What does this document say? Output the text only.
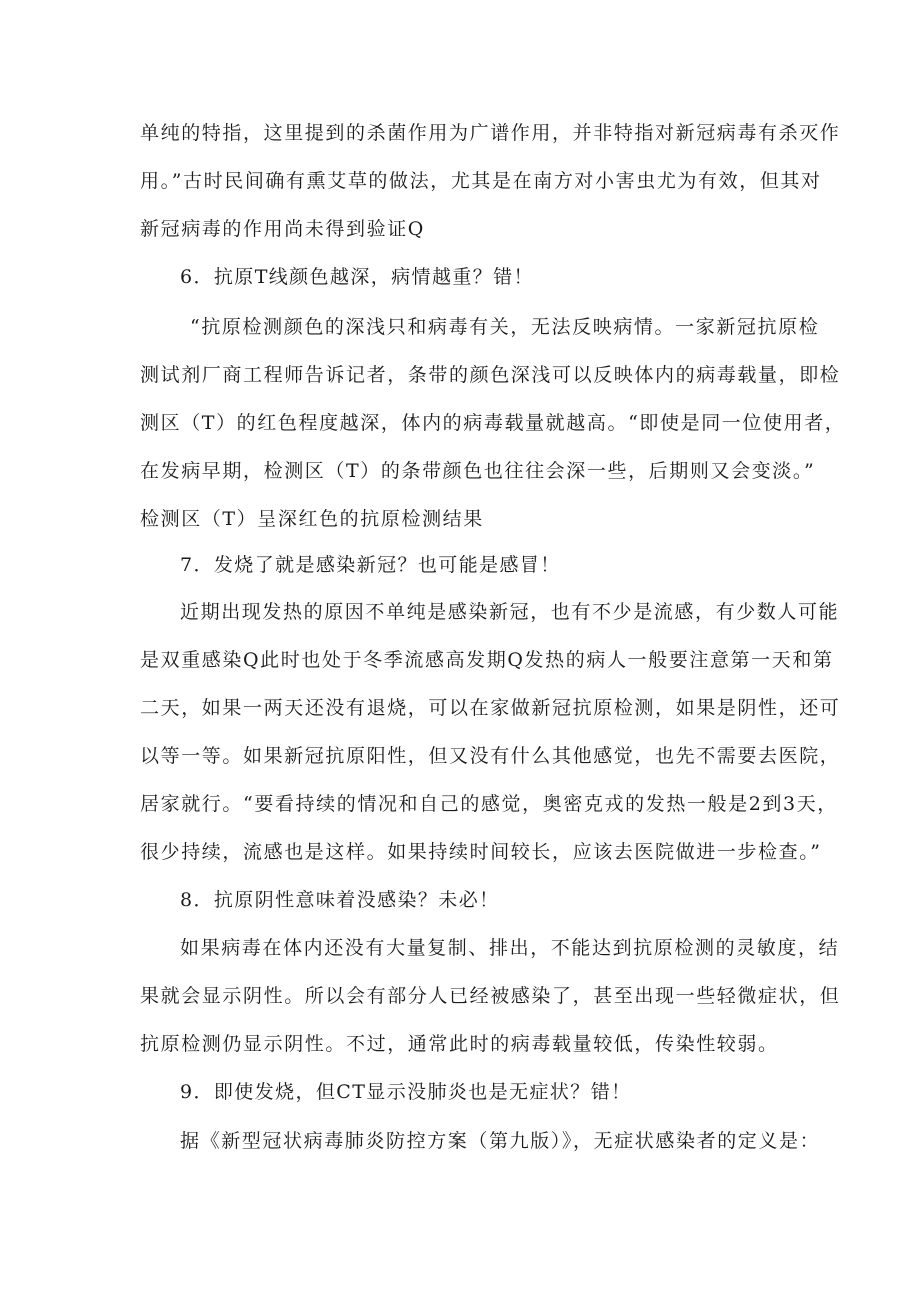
单纯的特指，这里提到的杀菌作用为广谱作用，并非特指对新冠病毒有杀灭作
用。”古时民间确有熏艾草的做法，尤其是在南方对小害虫尤为有效，但其对
新冠病毒的作用尚未得到验证Q
6．抗原T线颜色越深，病情越重？错！
“抗原检测颜色的深浅只和病毒有关，无法反映病情。一家新冠抗原检
测试剂厂商工程师告诉记者，条带的颜色深浅可以反映体内的病毒载量，即检
测区（T）的红色程度越深，体内的病毒载量就越高。“即使是同一位使用者，
在发病早期，检测区（T）的条带颜色也往往会深一些，后期则又会变淡。”
检测区（T）呈深红色的抗原检测结果
7．发烧了就是感染新冠？也可能是感冒！
近期出现发热的原因不单纯是感染新冠，也有不少是流感，有少数人可能
是双重感染Q此时也处于冬季流感高发期Q发热的病人一般要注意第一天和第
二天，如果一两天还没有退烧，可以在家做新冠抗原检测，如果是阴性，还可
以等一等。如果新冠抗原阳性，但又没有什么其他感觉，也先不需要去医院，
居家就行。“要看持续的情况和自己的感觉，奥密克戎的发热一般是2到3天，
很少持续，流感也是这样。如果持续时间较长，应该去医院做进一步检查。”
8．抗原阴性意味着没感染？未必！
如果病毒在体内还没有大量复制、排出，不能达到抗原检测的灵敏度，结
果就会显示阴性。所以会有部分人已经被感染了，甚至出现一些轻微症状，但
抗原检测仍显示阴性。不过，通常此时的病毒载量较低，传染性较弱。
9．即使发烧，但CT显示没肺炎也是无症状？错！
据《新型冠状病毒肺炎防控方案（第九版）》，无症状感染者的定义是：
